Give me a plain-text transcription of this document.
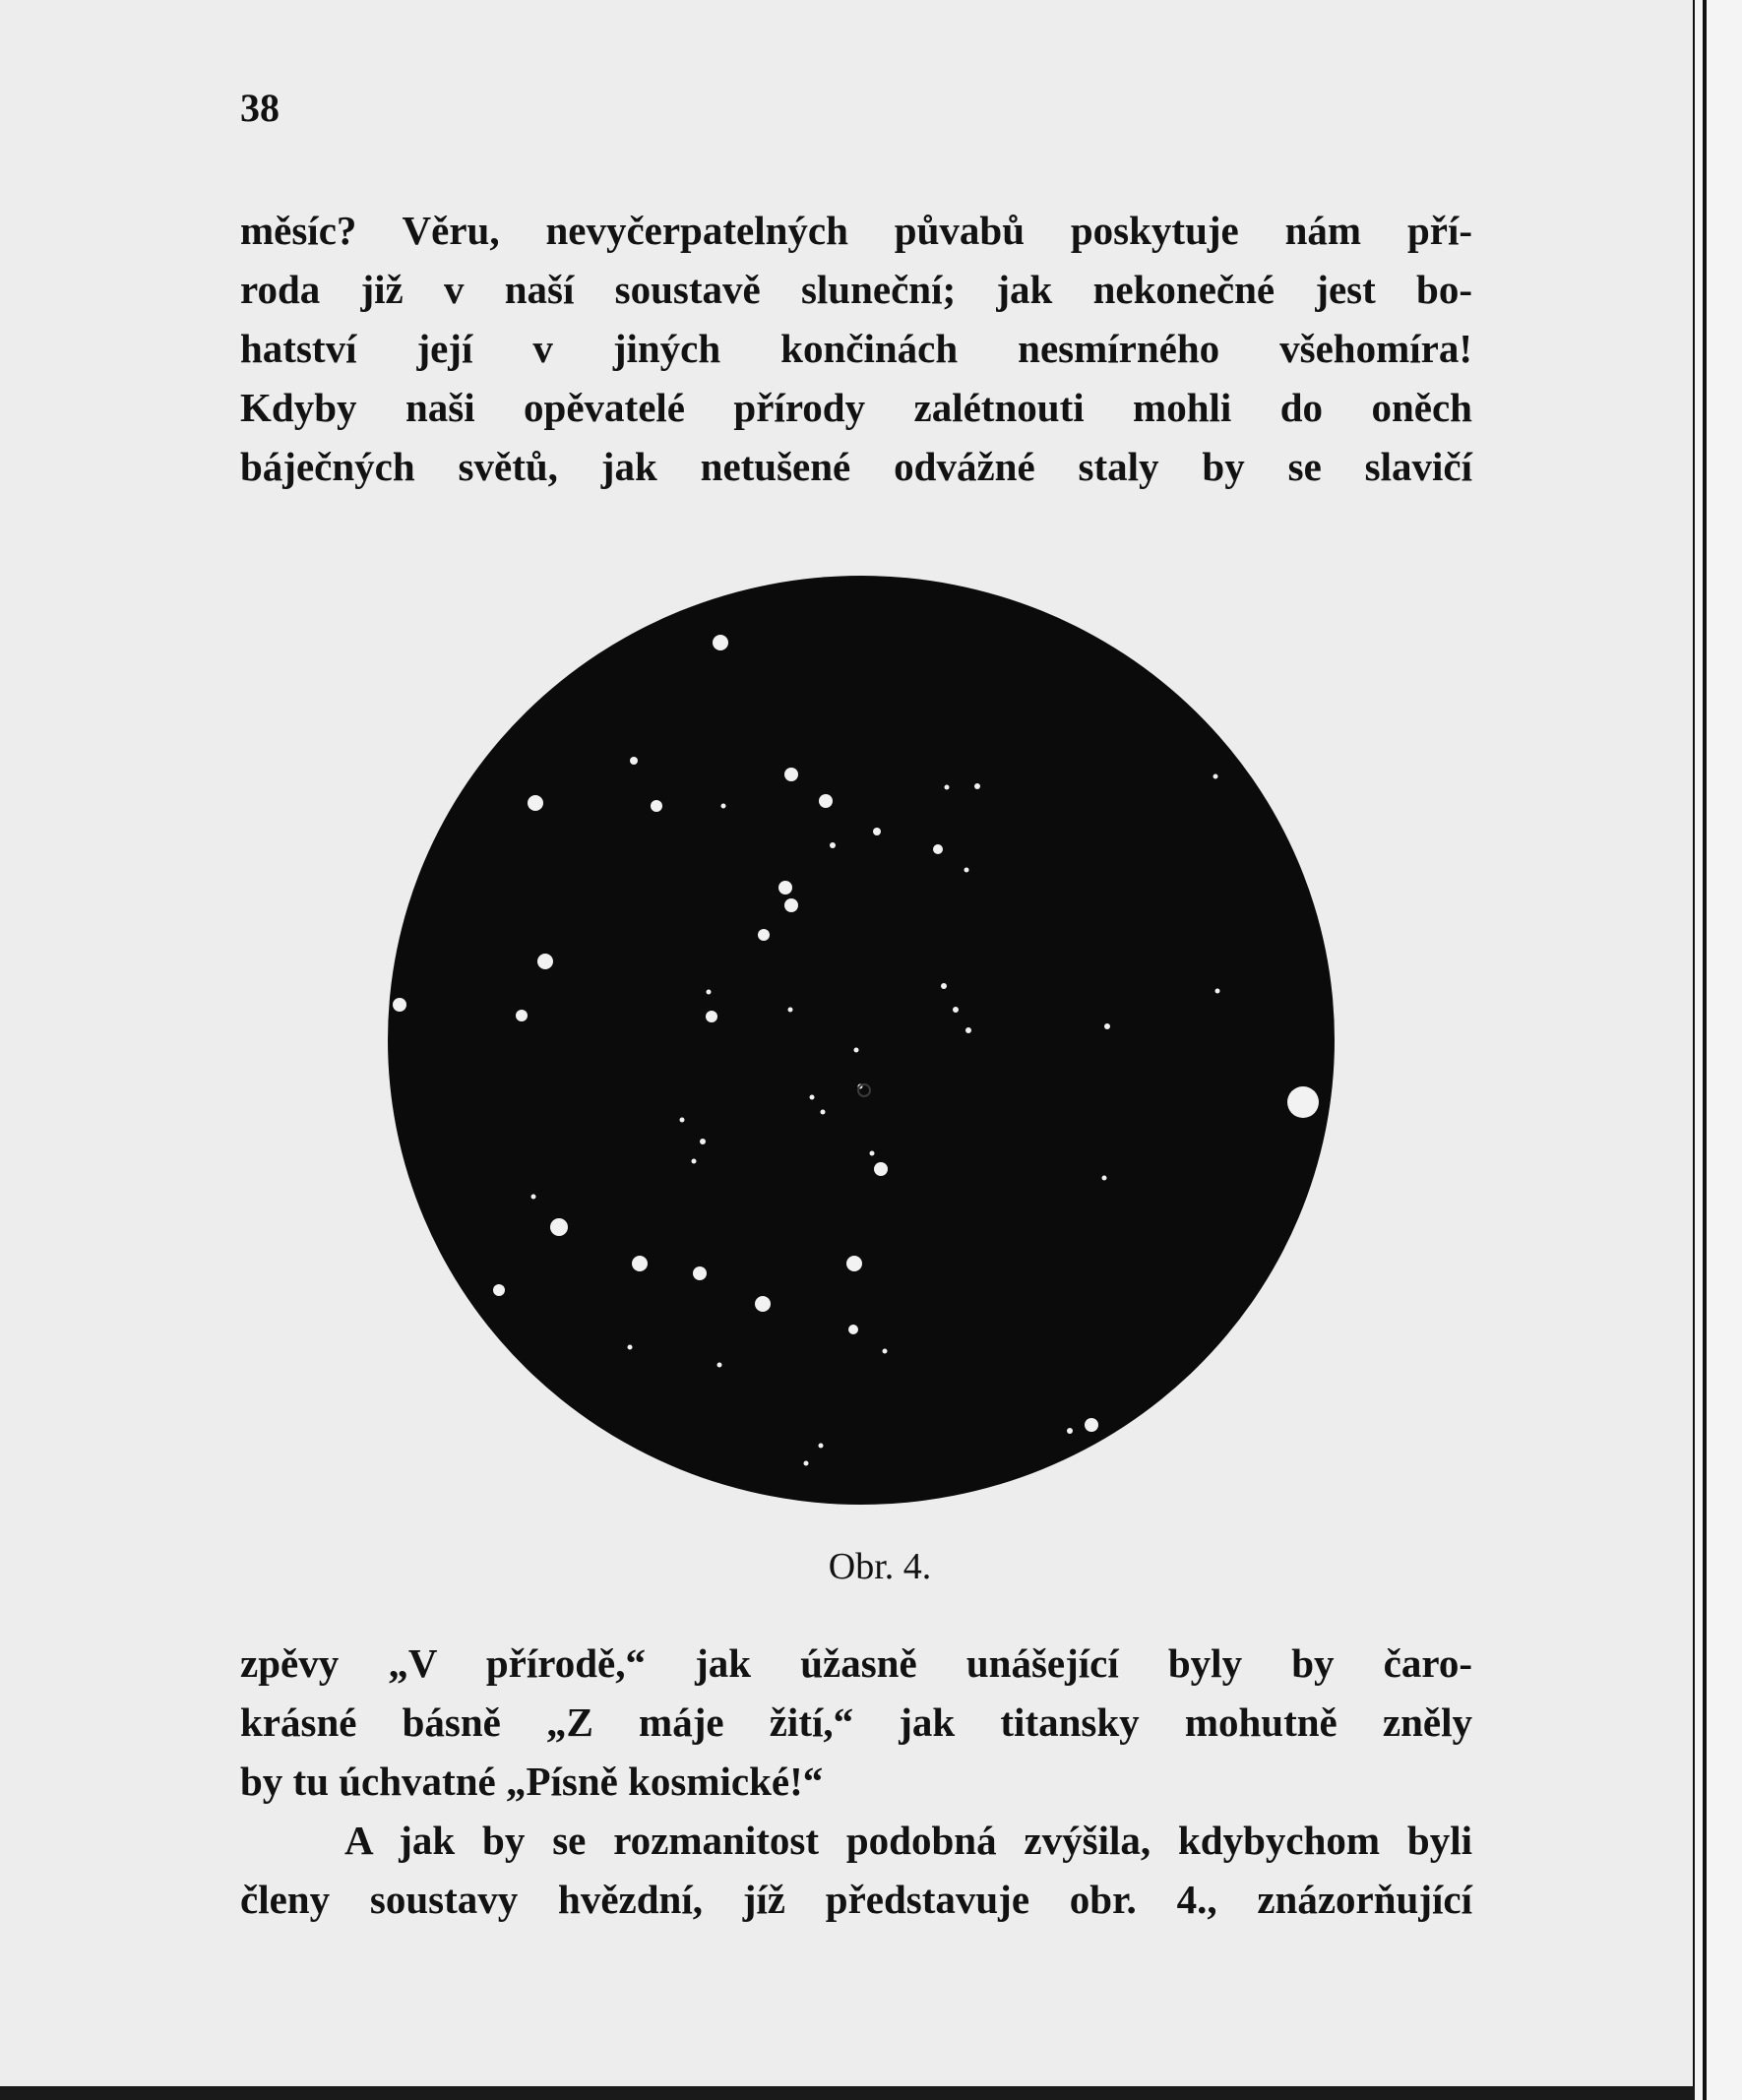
38
měsíc? Věru, nevyčerpatelných půvabů poskytuje nám pří-
roda již v naší soustavě sluneční; jak nekonečné jest bo-
hatství její v jiných končinách nesmírného všehomíra!
Kdyby naši opěvatelé přírody zalétnouti mohli do oněch
báječných světů, jak netušené odvážné staly by se slavičí
Obr. 4.
zpěvy „V přírodě,“ jak úžasně unášející byly by čaro-
krásné básně „Z máje žití,“ jak titansky mohutně zněly
by tu úchvatné „Písně kosmické!“
A jak by se rozmanitost podobná zvýšila, kdybychom byli
členy soustavy hvězdní, jíž představuje obr. 4., znázorňující
